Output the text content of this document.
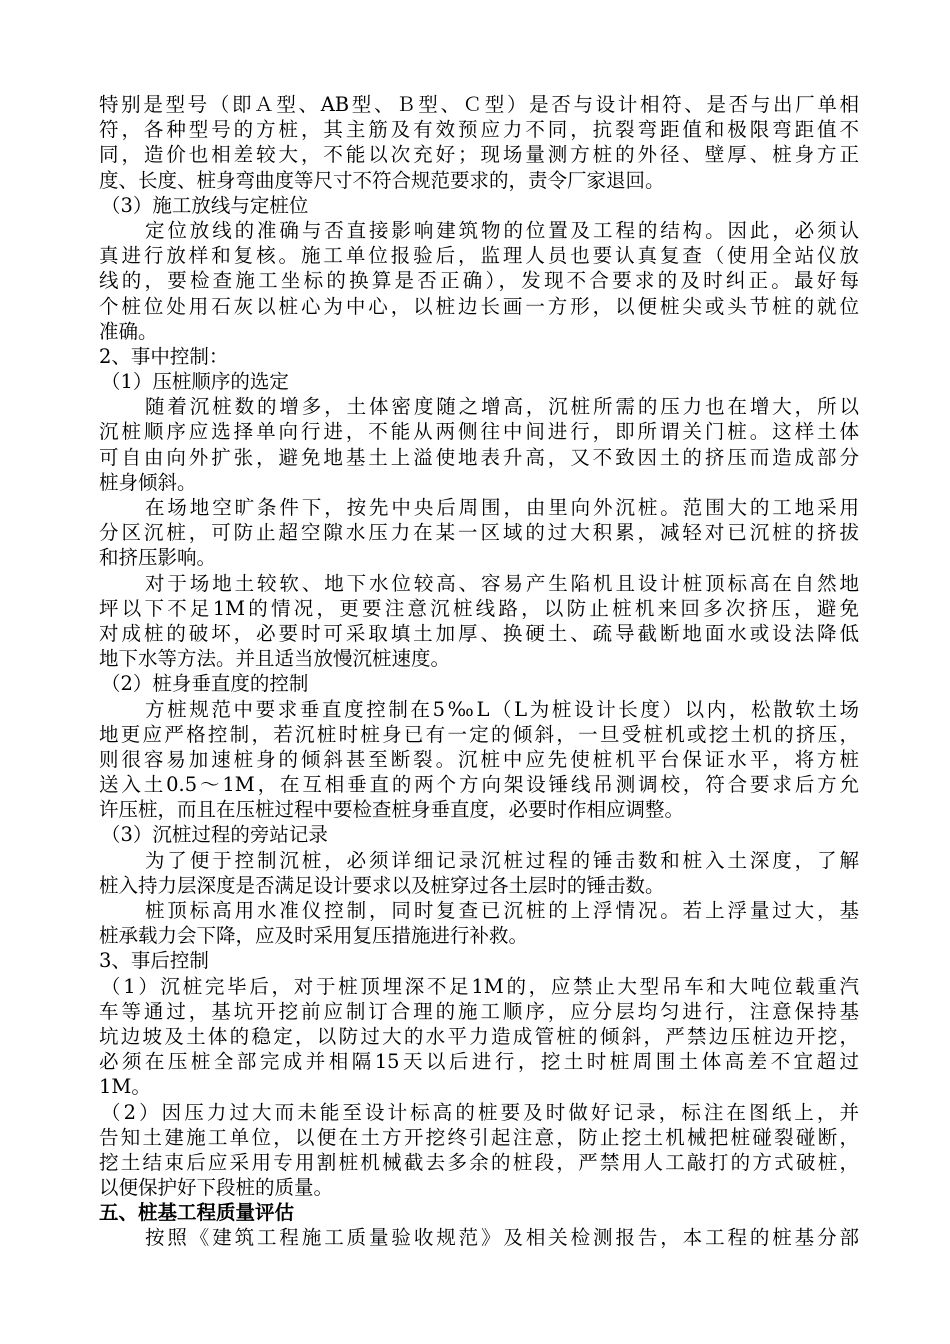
特别是型号（即Ａ型、AB型、Ｂ型、Ｃ型）是否与设计相符、是否与出厂单相
符，各种型号的方桩，其主筋及有效预应力不同，抗裂弯距值和极限弯距值不
同，造价也相差较大，不能以次充好；现场量测方桩的外径、壁厚、桩身方正
度、长度、桩身弯曲度等尺寸不符合规范要求的，责令厂家退回。
（3）施工放线与定桩位
定位放线的准确与否直接影响建筑物的位置及工程的结构。因此，必须认
真进行放样和复核。施工单位报验后，监理人员也要认真复查（使用全站仪放
线的，要检查施工坐标的换算是否正确），发现不合要求的及时纠正。最好每
个桩位处用石灰以桩心为中心，以桩边长画一方形，以便桩尖或头节桩的就位
准确。
2、事中控制：
（1）压桩顺序的选定
随着沉桩数的增多，土体密度随之增高，沉桩所需的压力也在增大，所以
沉桩顺序应选择单向行进，不能从两侧往中间进行，即所谓关门桩。这样土体
可自由向外扩张，避免地基土上溢使地表升高，又不致因土的挤压而造成部分
桩身倾斜。
在场地空旷条件下，按先中央后周围，由里向外沉桩。范围大的工地采用
分区沉桩，可防止超空隙水压力在某一区域的过大积累，减轻对已沉桩的挤拔
和挤压影响。
对于场地土较软、地下水位较高、容易产生陷机且设计桩顶标高在自然地
坪以下不足1M的情况，更要注意沉桩线路，以防止桩机来回多次挤压，避免
对成桩的破坏，必要时可采取填土加厚、换硬土、疏导截断地面水或设法降低
地下水等方法。并且适当放慢沉桩速度。
（2）桩身垂直度的控制
方桩规范中要求垂直度控制在5‰L（L为桩设计长度）以内，松散软土场
地更应严格控制，若沉桩时桩身已有一定的倾斜，一旦受桩机或挖土机的挤压，
则很容易加速桩身的倾斜甚至断裂。沉桩中应先使桩机平台保证水平，将方桩
送入土0.5～1M，在互相垂直的两个方向架设锤线吊测调校，符合要求后方允
许压桩，而且在压桩过程中要检查桩身垂直度，必要时作相应调整。
（3）沉桩过程的旁站记录
为了便于控制沉桩，必须详细记录沉桩过程的锤击数和桩入土深度，了解
桩入持力层深度是否满足设计要求以及桩穿过各土层时的锤击数。
桩顶标高用水准仪控制，同时复查已沉桩的上浮情况。若上浮量过大，基
桩承载力会下降，应及时采用复压措施进行补救。
3、事后控制
（1）沉桩完毕后，对于桩顶埋深不足1M的，应禁止大型吊车和大吨位载重汽
车等通过，基坑开挖前应制订合理的施工顺序，应分层均匀进行，注意保持基
坑边坡及土体的稳定，以防过大的水平力造成管桩的倾斜，严禁边压桩边开挖，
必须在压桩全部完成并相隔15天以后进行，挖土时桩周围土体高差不宜超过
1M。
（2）因压力过大而未能至设计标高的桩要及时做好记录，标注在图纸上，并
告知土建施工单位，以便在土方开挖终引起注意，防止挖土机械把桩碰裂碰断，
挖土结束后应采用专用割桩机械截去多余的桩段，严禁用人工敲打的方式破桩，
以便保护好下段桩的质量。
五、桩基工程质量评估
按照《建筑工程施工质量验收规范》及相关检测报告，本工程的桩基分部
